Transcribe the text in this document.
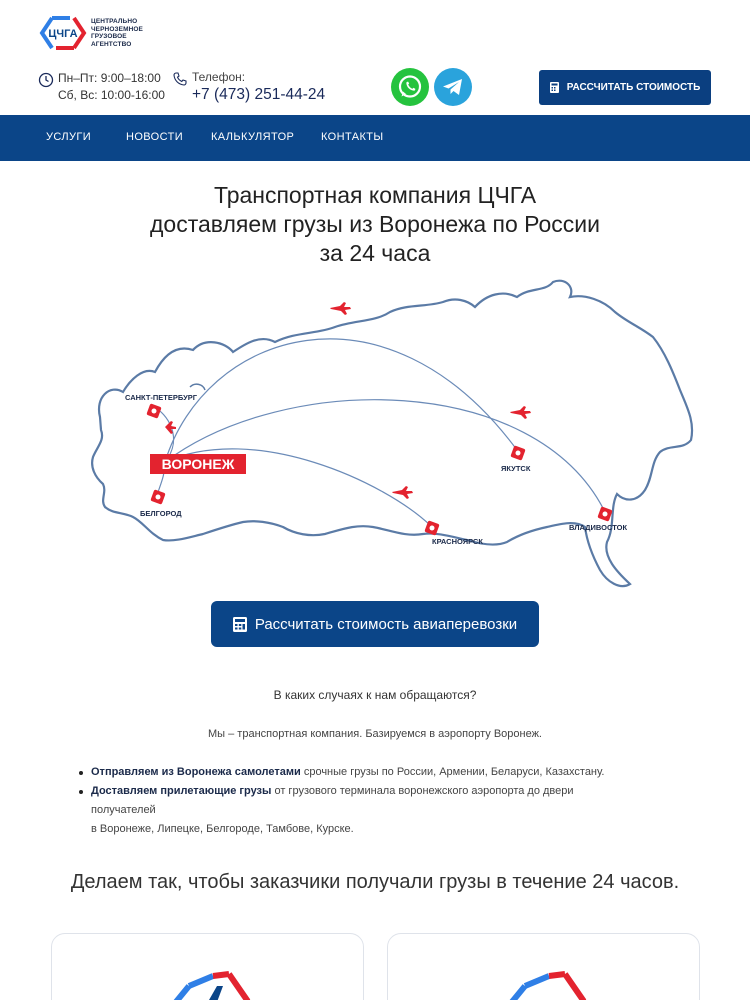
ЦЧГА
ЦЕНТРАЛЬНО
ЧЕРНОЗЕМНОЕ
ГРУЗОВОЕ
АГЕНТСТВО
Пн–Пт: 9:00–18:00
Сб, Вс: 10:00-16:00
Телефон:
+7 (473) 251-44-24	РАССЧИТАТЬ СТОИМОСТЬ
УСЛУГИ	НОВОСТИ	КАЛЬКУЛЯТОР КОНТАКТЫ
Транспортная компания ЦЧГА
доставляем грузы из Воронежа по России
за 24 часа
ВОРОНЕЖ
САНКТ-ПЕТЕРБУРГ
БЕЛГОРОД
КРАСНОЯРСК
ЯКУТСК
ВЛАДИВОСТОК
Рассчитать стоимость авиаперевозки
В каких случаях к нам обращаются?
Мы – транспортная компания. Базируемся в аэропорту Воронеж.
Отправляем из Воронежа самолетами срочные грузы по России, Армении, Беларуси, Казахстану.
Доставляем прилетающие грузы от грузового терминала воронежского аэропорта до двери получателей
в Воронеже, Липецке, Белгороде, Тамбове, Курске.
Делаем так, чтобы заказчики получали грузы в течение 24 часов.
